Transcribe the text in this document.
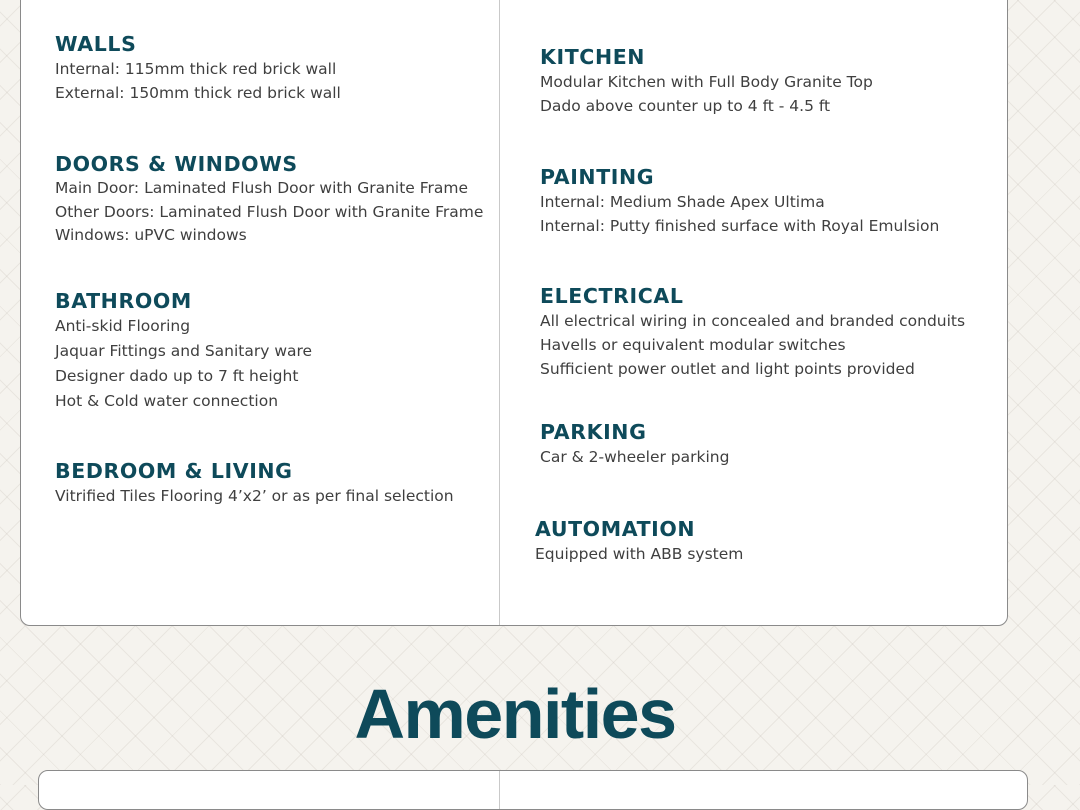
WALLS
Internal: 115mm thick red brick wall
External: 150mm thick red brick wall
DOORS & WINDOWS
Main Door: Laminated Flush Door with Granite Frame
Other Doors: Laminated Flush Door with Granite Frame
Windows: uPVC windows
BATHROOM
Anti-skid Flooring
Jaquar Fittings and Sanitary ware
Designer dado up to 7 ft height
Hot & Cold water connection
BEDROOM & LIVING
Vitrified Tiles Flooring 4’x2’ or as per final selection
KITCHEN
Modular Kitchen with Full Body Granite Top
Dado above counter up to 4 ft - 4.5 ft
PAINTING
Internal: Medium Shade Apex Ultima
Internal: Putty finished surface with Royal Emulsion
ELECTRICAL
All electrical wiring in concealed and branded conduits
Havells or equivalent modular switches
Sufficient power outlet and light points provided
PARKING
Car & 2-wheeler parking
AUTOMATION
Equipped with ABB system
Amenities
